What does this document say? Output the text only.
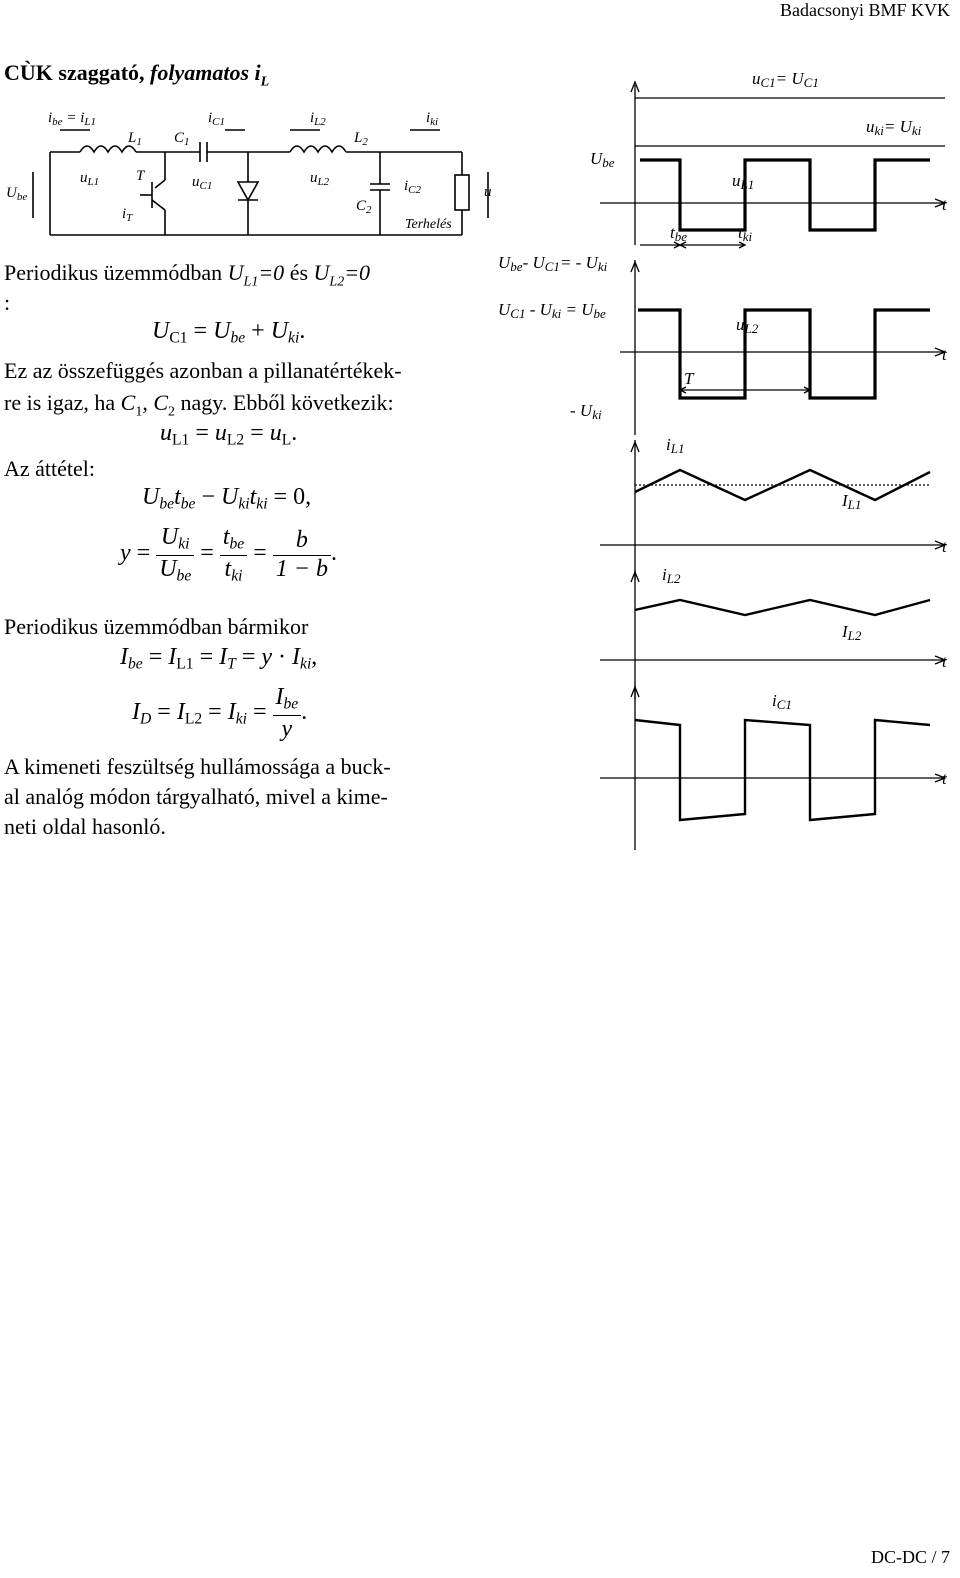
Badacsonyi BMF KVK
CÙK szaggató, folyamatos $i_L$
$i_{be} = i_{L1}$
$L_1$ $C_1$
$i_{C1}$	$i_{L2}$
$L_2$
$i_{ki}$
$U_{be}$
$u_{L1}$ T	$u_{C1}$	$u_{L2}$	$i_{C2}$
$C_2$
$i_T$	Terhelés
u
Periodikus üzemmódban $U_{L1}=0$ és $U_{L2}=0$
:
$U_{C1} = U_{be} + U_{ki}$.
Ez az összefüggés azonban a pillanatértékek-
re is igaz, ha $C_1$, $C_2$ nagy. Ebből következik:
$u_{L1} = u_{L2} = u_L$.
Az áttétel:
$U_{be}t_{be} - U_{ki}t_{ki} = 0$,
$y = \frac{U_{ki}}{U_{be}} = \frac{t_{be}}{t_{ki}} = \frac{b}{1 - b}$ .
Periodikus üzemmódban bármikor
$I_{be} = I_{L1} = I_T = y \cdot I_{ki}$,
$I_D = I_{L2} = I_{ki} = \frac{I_{be}}{y}$ .
A kimeneti feszültség hullámossága a buck-
al analóg módon tárgyalható, mivel a kime-
neti oldal hasonló.
uC1= UC1
uki= Uki
Ube
uL1
t
tbe	tki
Ube- UC1= - Uki
UC1 - Uki = Ube
uL2
t
T
- Uki
iL1
IL1
t
iL2
IL2
t
iC1
t
DC-DC / 7
